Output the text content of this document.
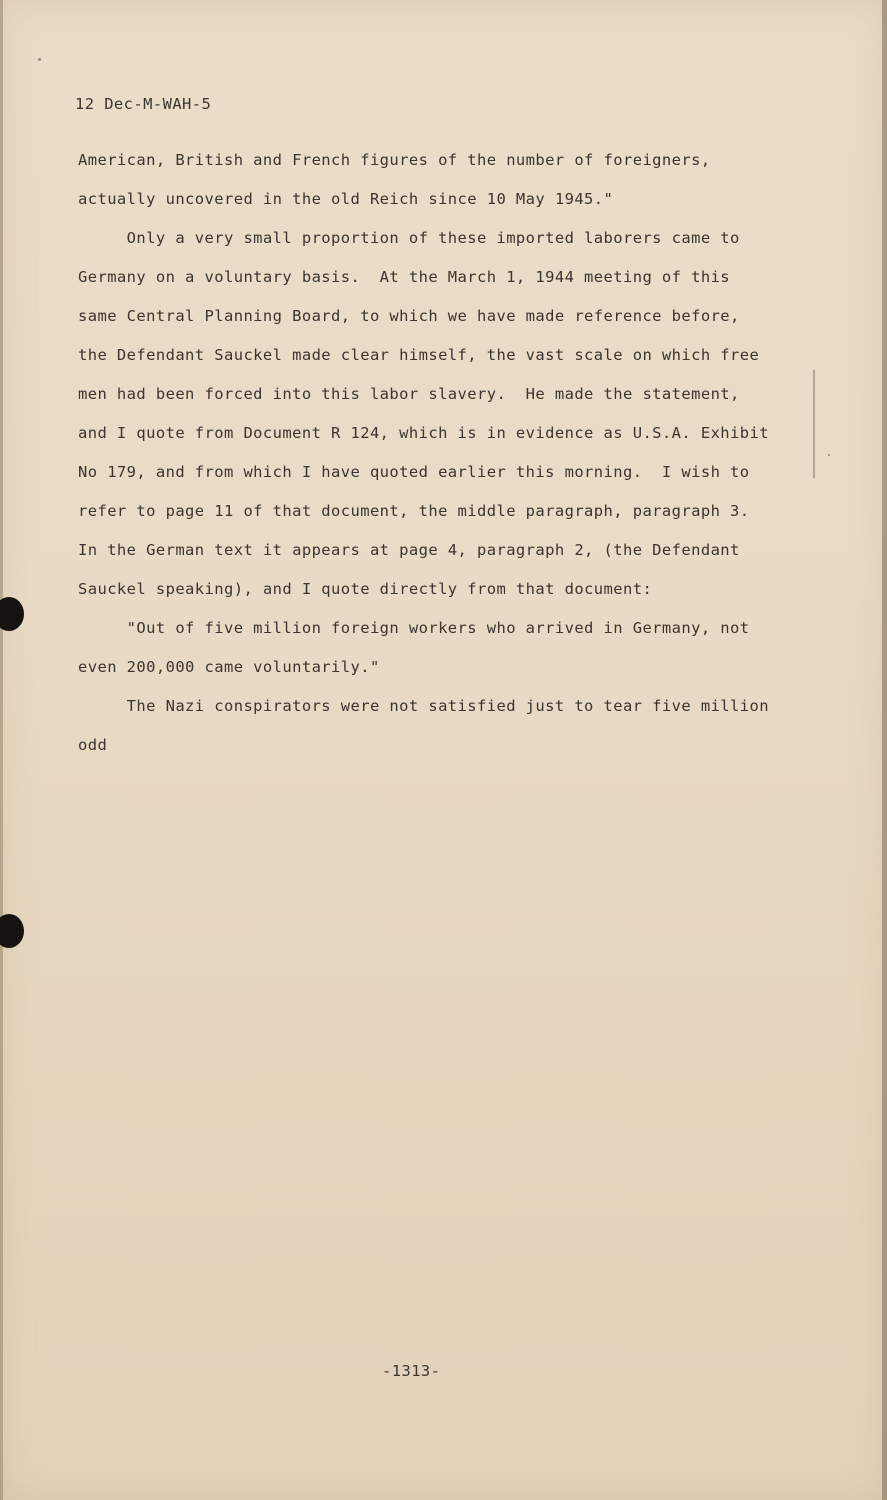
12 Dec-M-WAH-5
American, British and French figures of the number of foreigners,
actually uncovered in the old Reich since 10 May 1945."
Only a very small proportion of these imported laborers came to
Germany on a voluntary basis.  At the March 1, 1944 meeting of this
same Central Planning Board, to which we have made reference before,
the Defendant Sauckel made clear himself, the vast scale on which free
men had been forced into this labor slavery.  He made the statement,
and I quote from Document R 124, which is in evidence as U.S.A. Exhibit
No 179, and from which I have quoted earlier this morning.  I wish to
refer to page 11 of that document, the middle paragraph, paragraph 3.
In the German text it appears at page 4, paragraph 2, (the Defendant
Sauckel speaking), and I quote directly from that document:
"Out of five million foreign workers who arrived in Germany, not
even 200,000 came voluntarily."
The Nazi conspirators were not satisfied just to tear five million
odd
-1313-
